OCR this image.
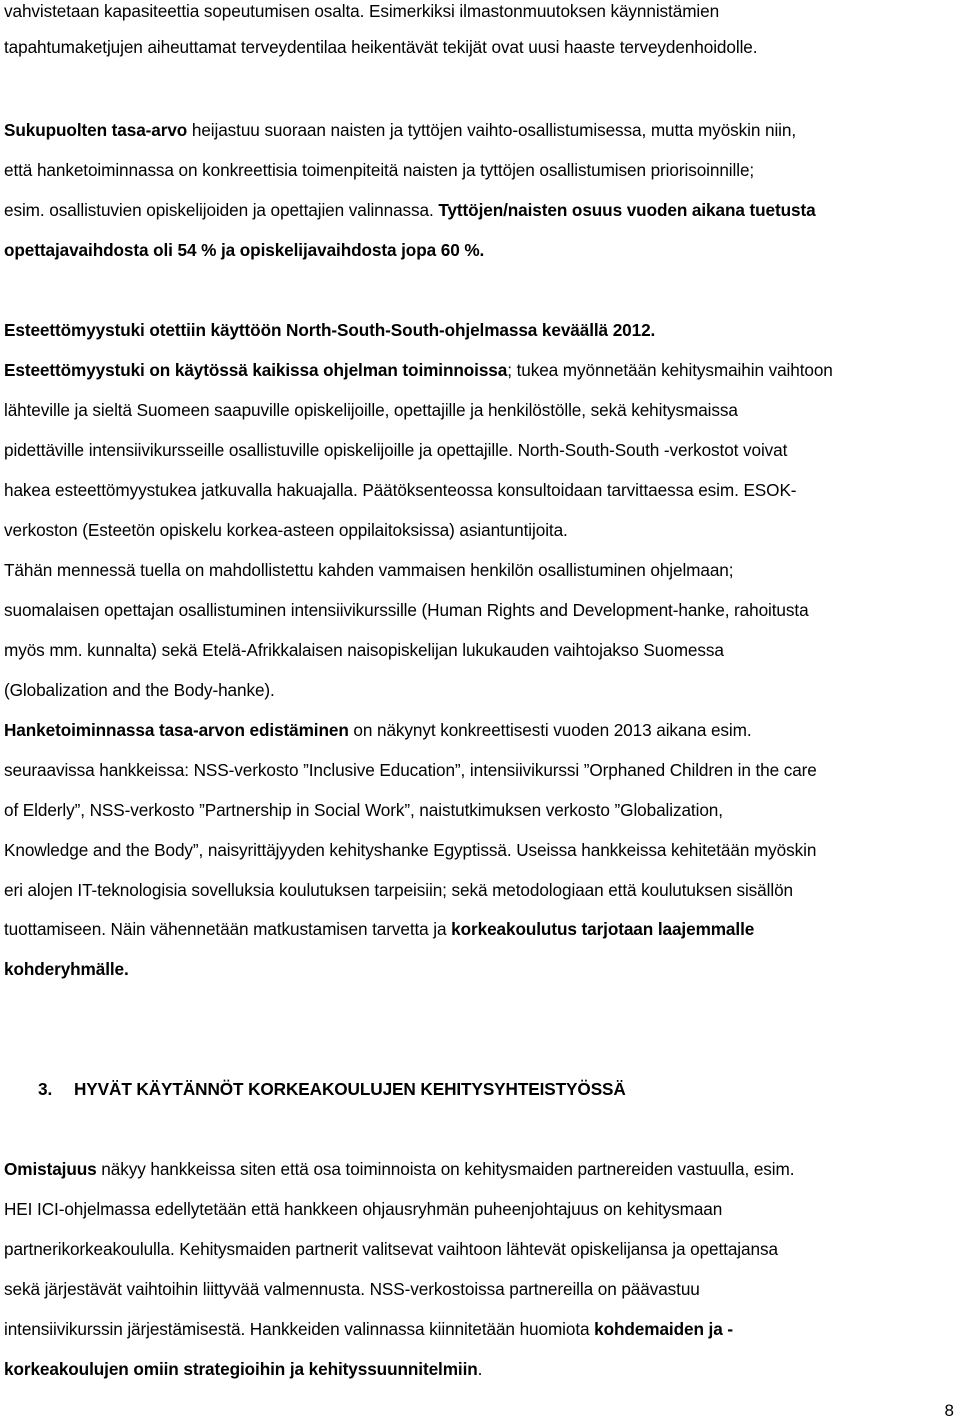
vahvistetaan kapasiteettia sopeutumisen osalta. Esimerkiksi ilmastonmuutoksen käynnistämien
tapahtumaketjujen aiheuttamat terveydentilaa heikentävät tekijät ovat uusi haaste terveydenhoidolle.
Sukupuolten tasa-arvo heijastuu suoraan naisten ja tyttöjen vaihto-osallistumisessa, mutta myöskin niin,
että hanketoiminnassa on konkreettisia toimenpiteitä naisten ja tyttöjen osallistumisen priorisoinnille;
esim. osallistuvien opiskelijoiden ja opettajien valinnassa. Tyttöjen/naisten osuus vuoden aikana tuetusta
opettajavaihdosta oli 54 % ja opiskelijavaihdosta jopa 60 %.
Esteettömyystuki otettiin käyttöön North-South-South-ohjelmassa keväällä 2012.
Esteettömyystuki on käytössä kaikissa ohjelman toiminnoissa; tukea myönnetään kehitysmaihin vaihtoon
lähteville ja sieltä Suomeen saapuville opiskelijoille, opettajille ja henkilöstölle, sekä kehitysmaissa
pidettäville intensiivikursseille osallistuville opiskelijoille ja opettajille. North-South-South -verkostot voivat
hakea esteettömyystukea jatkuvalla hakuajalla. Päätöksenteossa konsultoidaan tarvittaessa esim. ESOK-
verkoston (Esteetön opiskelu korkea-asteen oppilaitoksissa) asiantuntijoita.
Tähän mennessä tuella on mahdollistettu kahden vammaisen henkilön osallistuminen ohjelmaan;
suomalaisen opettajan osallistuminen intensiivikurssille (Human Rights and Development-hanke, rahoitusta
myös mm. kunnalta) sekä Etelä-Afrikkalaisen naisopiskelijan lukukauden vaihtojakso Suomessa
(Globalization and the Body-hanke).
Hanketoiminnassa tasa-arvon edistäminen on näkynyt konkreettisesti vuoden 2013 aikana esim.
seuraavissa hankkeissa: NSS-verkosto ”Inclusive Education”, intensiivikurssi ”Orphaned Children in the care
of Elderly”, NSS-verkosto ”Partnership in Social Work”, naistutkimuksen verkosto ”Globalization,
Knowledge and the Body”, naisyrittäjyyden kehityshanke Egyptissä. Useissa hankkeissa kehitetään myöskin
eri alojen IT-teknologisia sovelluksia koulutuksen tarpeisiin; sekä metodologiaan että koulutuksen sisällön
tuottamiseen. Näin vähennetään matkustamisen tarvetta ja korkeakoulutus tarjotaan laajemmalle
kohderyhmälle.
3. HYVÄT KÄYTÄNNÖT KORKEAKOULUJEN KEHITYSYHTEISTYÖSSÄ
Omistajuus näkyy hankkeissa siten että osa toiminnoista on kehitysmaiden partnereiden vastuulla, esim.
HEI ICI-ohjelmassa edellytetään että hankkeen ohjausryhmän puheenjohtajuus on kehitysmaan
partnerikorkeakoululla. Kehitysmaiden partnerit valitsevat vaihtoon lähtevät opiskelijansa ja opettajansa
sekä järjestävät vaihtoihin liittyvää valmennusta. NSS-verkostoissa partnereilla on päävastuu
intensiivikurssin järjestämisestä. Hankkeiden valinnassa kiinnitetään huomiota kohdemaiden ja -
korkeakoulujen omiin strategioihin ja kehityssuunnitelmiin.
8
